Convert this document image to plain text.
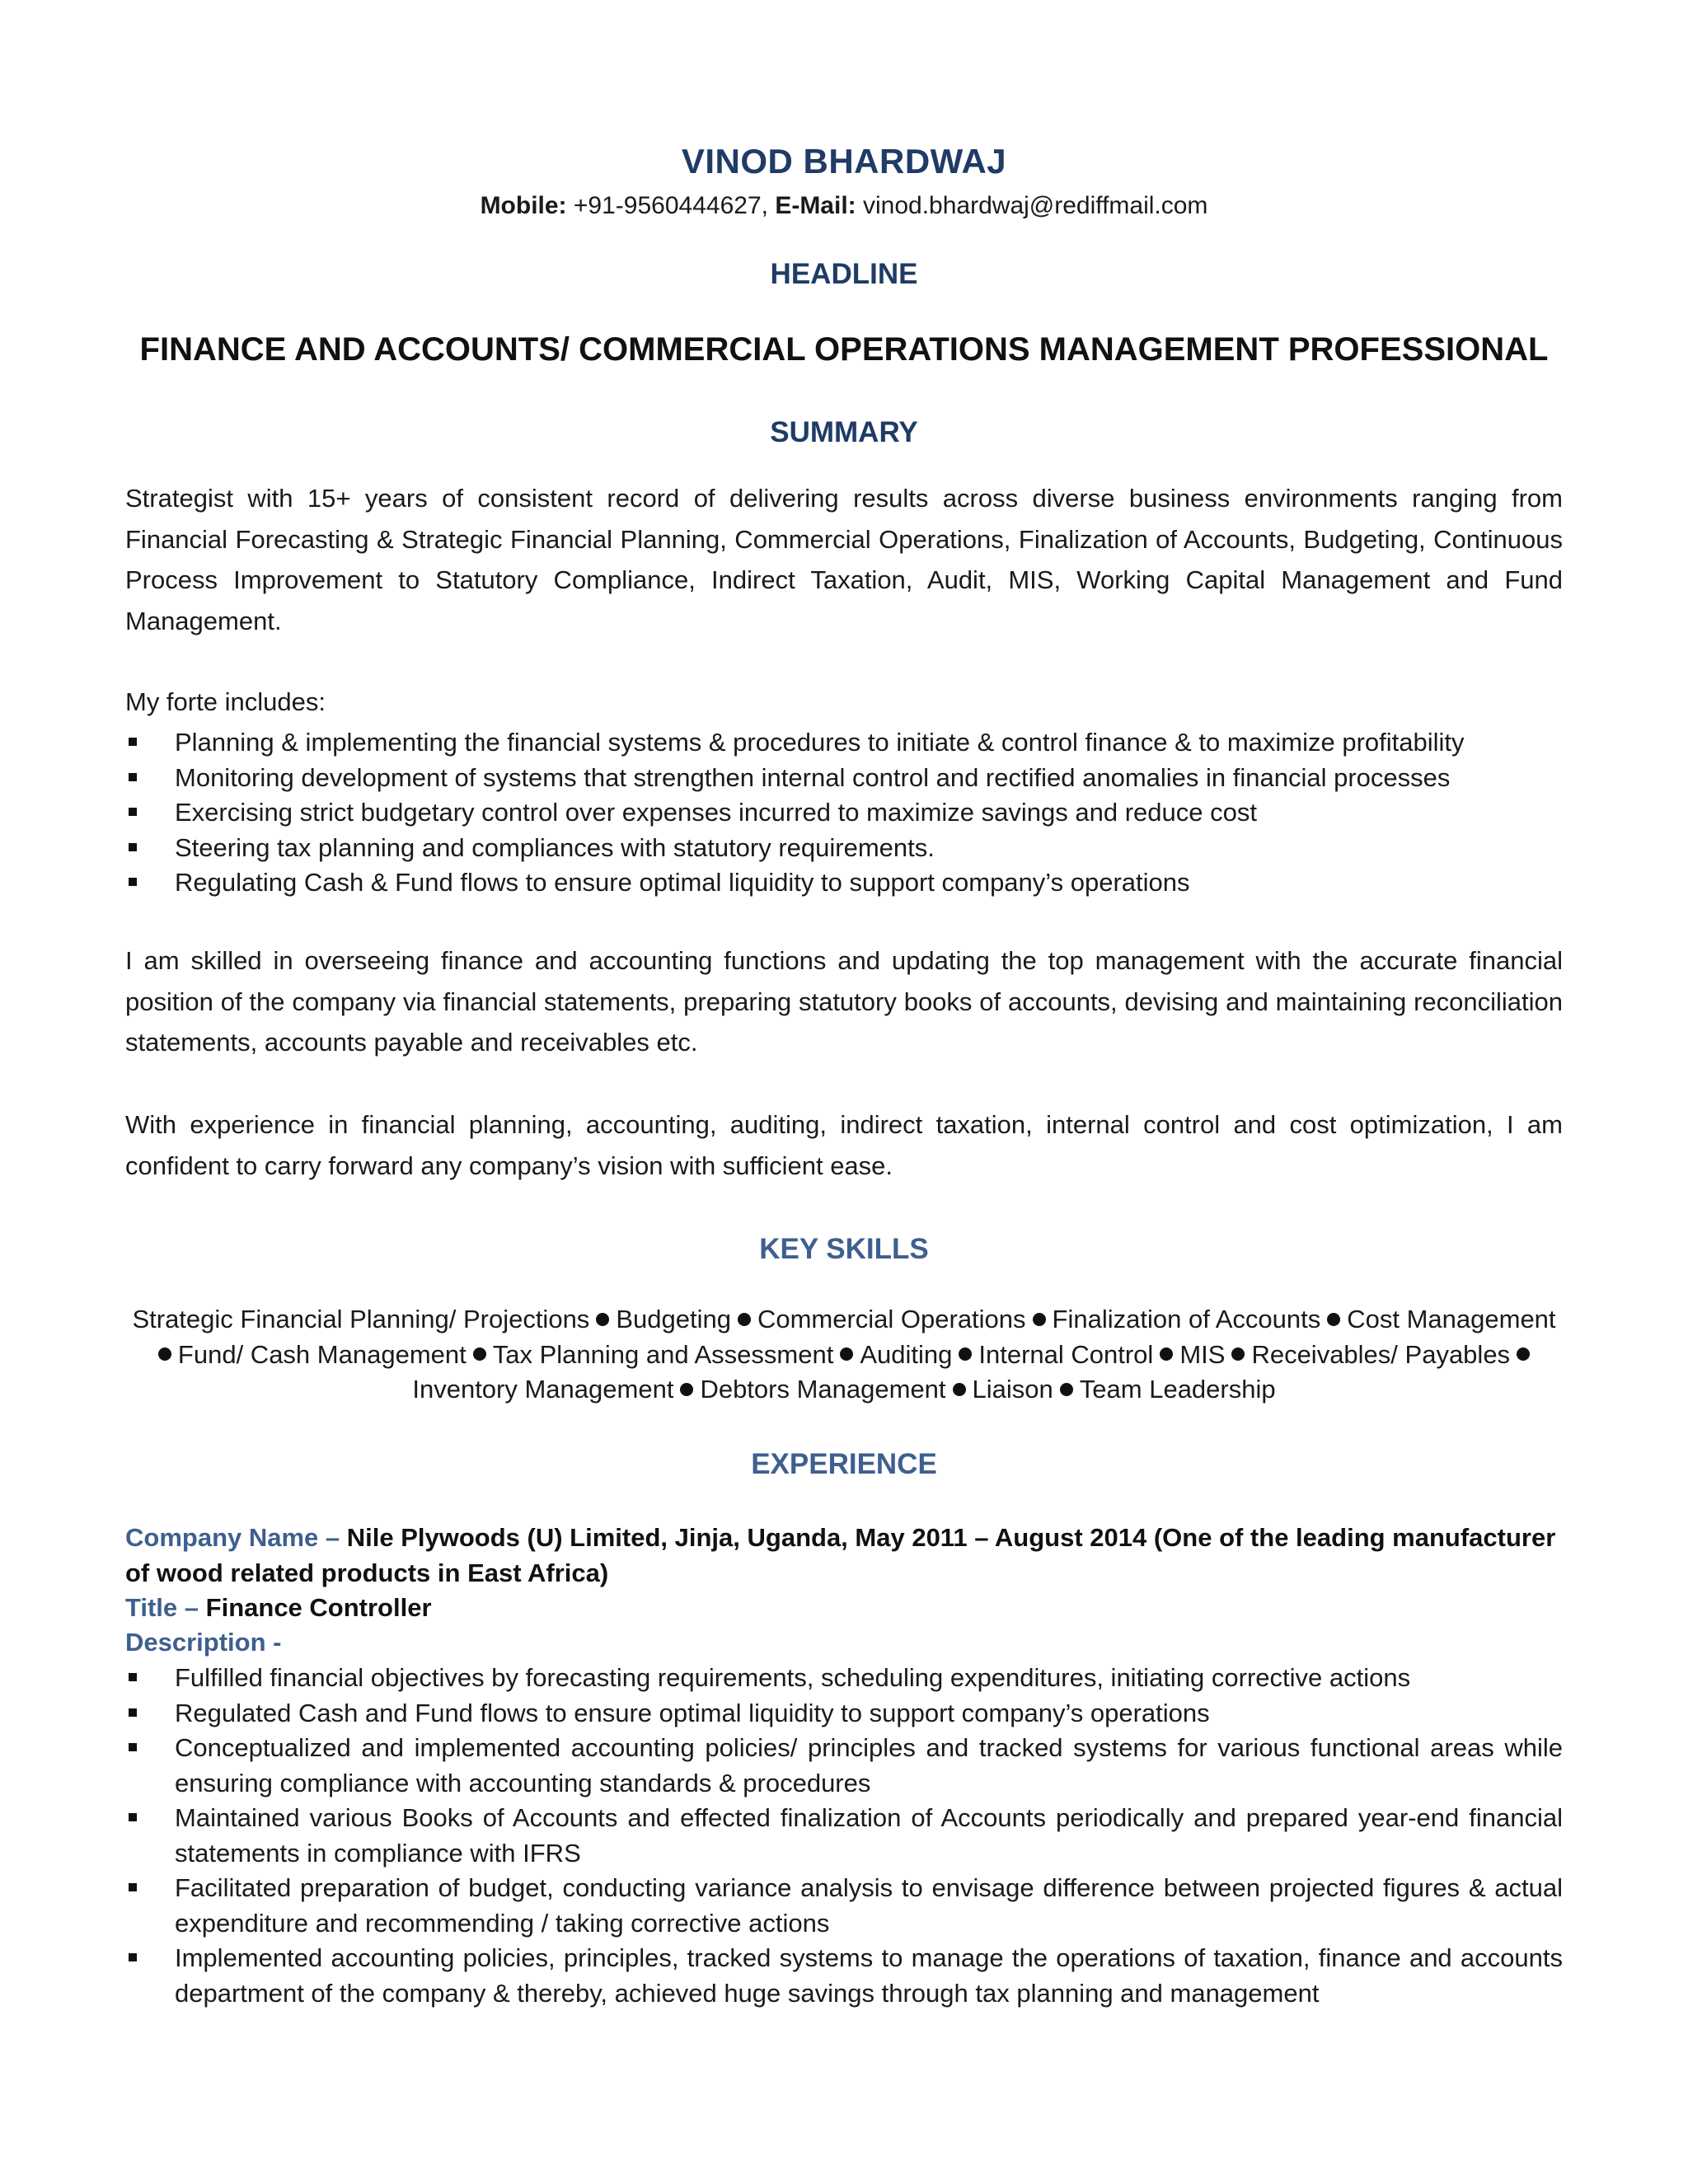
VINOD BHARDWAJ
Mobile: +91-9560444627, E-Mail: vinod.bhardwaj@rediffmail.com
HEADLINE
FINANCE AND ACCOUNTS/ COMMERCIAL OPERATIONS MANAGEMENT PROFESSIONAL
SUMMARY
Strategist with 15+ years of consistent record of delivering results across diverse business environments ranging from Financial Forecasting & Strategic Financial Planning, Commercial Operations, Finalization of Accounts, Budgeting, Continuous Process Improvement to Statutory Compliance, Indirect Taxation, Audit, MIS, Working Capital Management and Fund Management.
My forte includes:
Planning & implementing the financial systems & procedures to initiate & control finance & to maximize profitability
Monitoring development of systems that strengthen internal control and rectified anomalies in financial processes
Exercising strict budgetary control over expenses incurred to maximize savings and reduce cost
Steering tax planning and compliances with statutory requirements.
Regulating Cash & Fund flows to ensure optimal liquidity to support company’s operations
I am skilled in overseeing finance and accounting functions and updating the top management with the accurate financial position of the company via financial statements, preparing statutory books of accounts, devising and maintaining reconciliation statements, accounts payable and receivables etc.
With experience in financial planning, accounting, auditing, indirect taxation, internal control and cost optimization, I am confident to carry forward any company’s vision with sufficient ease.
KEY SKILLS
Strategic Financial Planning/ Projections Budgeting Commercial Operations Finalization of Accounts Cost ManagementFund/ Cash Management Tax Planning and Assessment Auditing Internal Control MIS Receivables/ PayablesInventory Management Debtors Management Liaison Team Leadership
EXPERIENCE
Company Name – Nile Plywoods (U) Limited, Jinja, Uganda, May 2011 – August 2014 (One of the leading manufacturer of wood related products in East Africa)
Title – Finance Controller
Description -
Fulfilled financial objectives by forecasting requirements, scheduling expenditures, initiating corrective actions
Regulated Cash and Fund flows to ensure optimal liquidity to support company’s operations
Conceptualized and implemented accounting policies/ principles and tracked systems for various functional areas while ensuring compliance with accounting standards & procedures
Maintained various Books of Accounts and effected finalization of Accounts periodically and prepared year-end financial statements in compliance with IFRS
Facilitated preparation of budget, conducting variance analysis to envisage difference between projected figures & actual expenditure and recommending / taking corrective actions
Implemented accounting policies, principles, tracked systems to manage the operations of taxation, finance and accounts department of the company & thereby, achieved huge savings through tax planning and management
